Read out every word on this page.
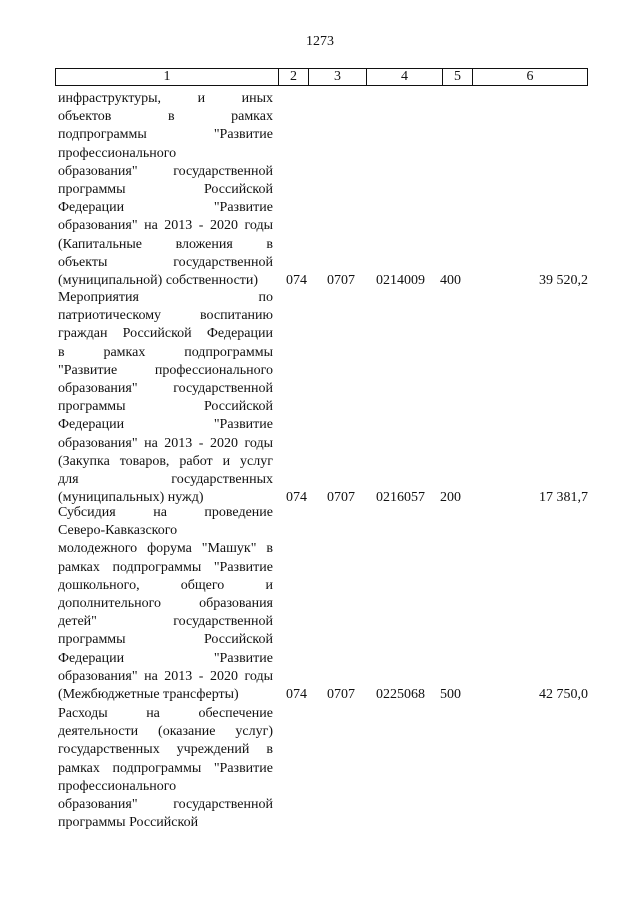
1273
1	2	3	4	5	6
инфраструктуры, и иных
объектов в рамках
подпрограммы "Развитие
профессионального
образования" государственной
программы Российской
Федерации "Развитие
образования" на 2013 - 2020 годы
(Капитальные вложения в
объекты государственной
(муниципальной) собственности)	074 0707 0214009 400	39 520,2
Мероприятия по
патриотическому воспитанию
граждан Российской Федерации
в рамках подпрограммы
"Развитие профессионального
образования" государственной
программы Российской
Федерации "Развитие
образования" на 2013 - 2020 годы
(Закупка товаров, работ и услуг
для государственных
(муниципальных) нужд)	074 0707 0216057 200	17 381,7
Субсидия на проведение
Северо-Кавказского
молодежного форума "Машук" в
рамках подпрограммы "Развитие
дошкольного, общего и
дополнительного образования
детей" государственной
программы Российской
Федерации "Развитие
образования" на 2013 - 2020 годы
(Межбюджетные трансферты)	074 0707 0225068 500	42 750,0
Расходы на обеспечение
деятельности (оказание услуг)
государственных учреждений в
рамках подпрограммы "Развитие
профессионального
образования" государственной
программы Российской
